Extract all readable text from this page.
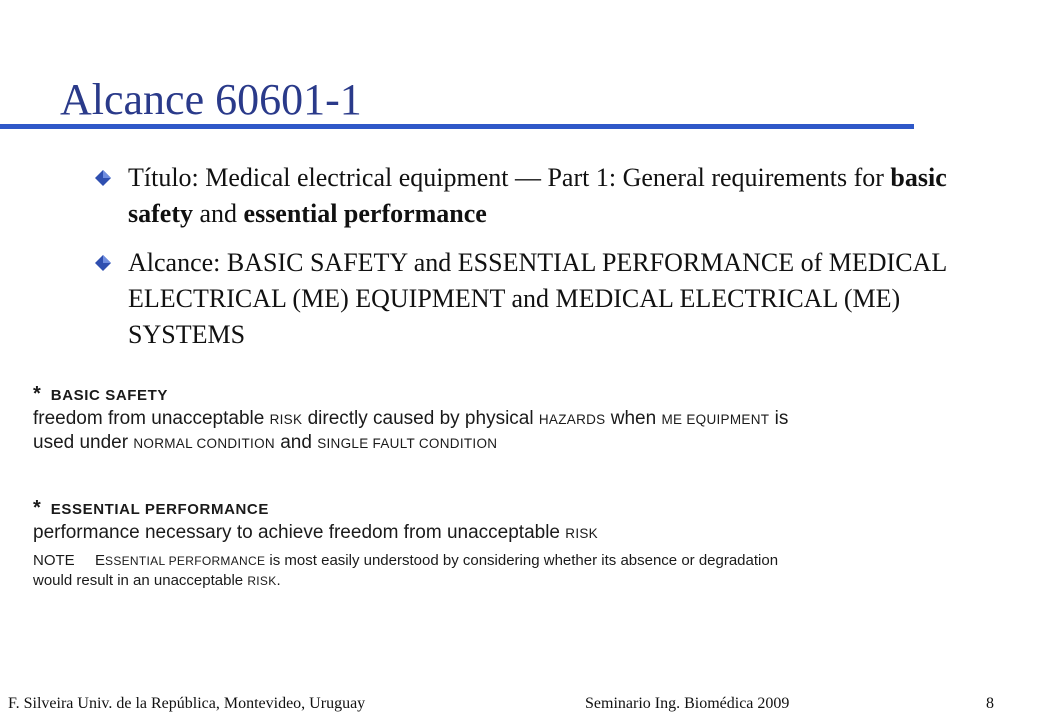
Alcance 60601-1
Título: Medical electrical equipment — Part 1: General requirements for basic safety and essential performance
Alcance: BASIC SAFETY and ESSENTIAL PERFORMANCE of MEDICAL ELECTRICAL (ME) EQUIPMENT and MEDICAL ELECTRICAL (ME) SYSTEMS
* BASIC SAFETY
freedom from unacceptable RISK directly caused by physical HAZARDS when ME EQUIPMENT is
used under NORMAL CONDITION and SINGLE FAULT CONDITION
* ESSENTIAL PERFORMANCE
performance necessary to achieve freedom from unacceptable RISK
NOTE ESSENTIAL PERFORMANCE is most easily understood by considering whether its absence or degradation
would result in an unacceptable RISK.
F. Silveira Univ. de la República, Montevideo, Uruguay	Seminario Ing. Biomédica 2009	8
